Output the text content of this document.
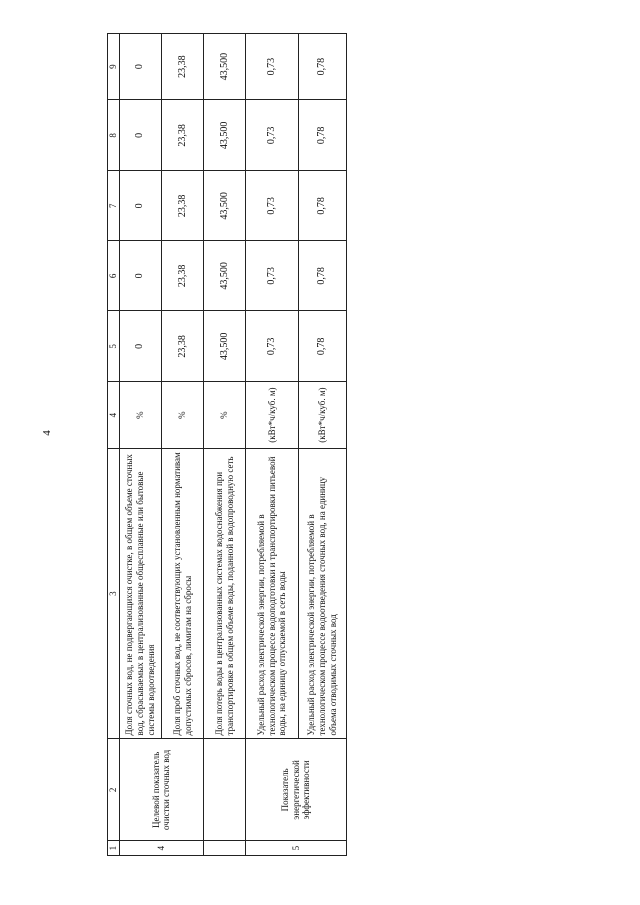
4
1	2	3	4	5	6	7	8	9
4	Целевой показатель очистки сточных вод	Доля сточных вод, не подвергающихся очистке, в общем объеме сточных вод, сбрасываемых в централизованные общесплавные или бытовые системы водоотведения	%	0	0	0	0	0
		Доля проб сточных вод, не соответствующих установленным нормативам допустимых сбросов, лимитам на сбросы	%	23,38	23,38	23,38	23,38	23,38
		Доля потерь воды в централизованных системах водоснабжения при транспортировке в общем объеме воды, поданной в водопроводную сеть	%	43,500	43,500	43,500	43,500	43,500
5	Показатель энергетической эффективности	Удельный расход электрической энергии, потребляемой в технологическом процессе водоподготовки и транспортировки питьевой воды, на единицу отпускаемой в сеть воды	(кВт*ч/куб. м)	0,73	0,73	0,73	0,73	0,73
		Удельный расход электрической энергии, потребляемой в технологическом процессе водоотведения сточных вод, на единицу объема отводимых сточных вод	(кВт*ч/куб. м)	0,78	0,78	0,78	0,78	0,78
